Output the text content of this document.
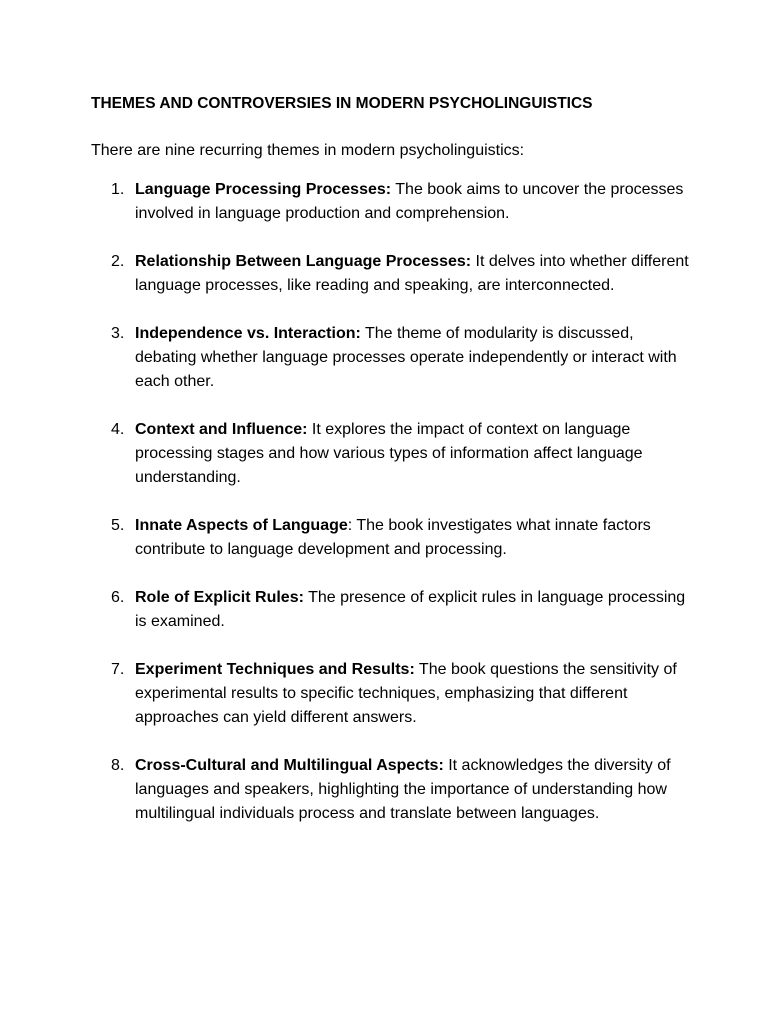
THEMES AND CONTROVERSIES IN MODERN PSYCHOLINGUISTICS

There are nine recurring themes in modern psycholinguistics:

1. Language Processing Processes: The book aims to uncover the processes involved in language production and comprehension.
2. Relationship Between Language Processes: It delves into whether different language processes, like reading and speaking, are interconnected.
3. Independence vs. Interaction: The theme of modularity is discussed, debating whether language processes operate independently or interact with each other.
4. Context and Influence: It explores the impact of context on language processing stages and how various types of information affect language understanding.
5. Innate Aspects of Language: The book investigates what innate factors contribute to language development and processing.
6. Role of Explicit Rules: The presence of explicit rules in language processing is examined.
7. Experiment Techniques and Results: The book questions the sensitivity of experimental results to specific techniques, emphasizing that different approaches can yield different answers.
8. Cross-Cultural and Multilingual Aspects: It acknowledges the diversity of languages and speakers, highlighting the importance of understanding how multilingual individuals process and translate between languages.
